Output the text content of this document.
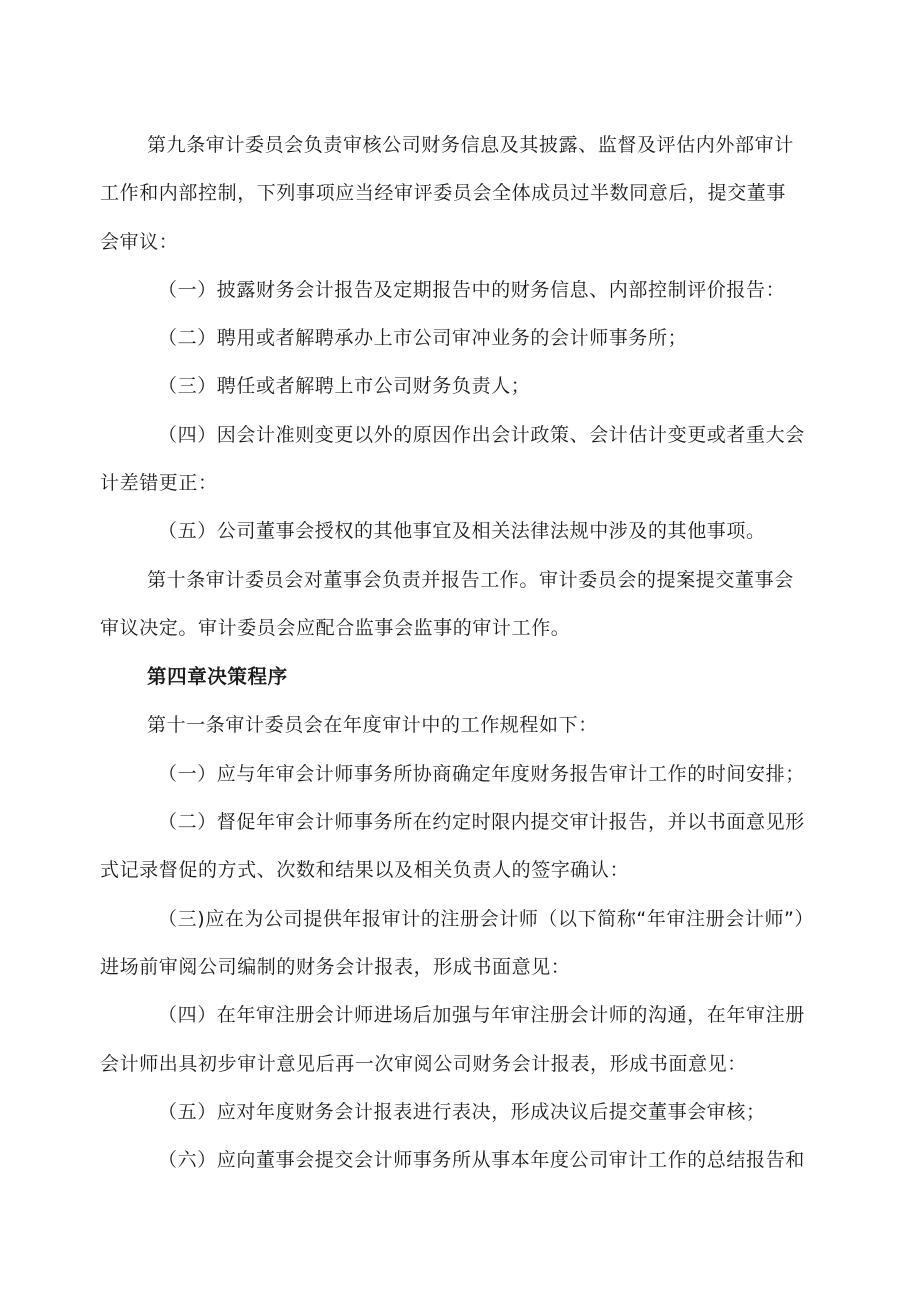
第九条审计委员会负责审核公司财务信息及其披露、监督及评估内外部审计
工作和内部控制，下列事项应当经审评委员会全体成员过半数同意后，提交董事
会审议：
（一）披露财务会计报告及定期报告中的财务信息、内部控制评价报告：
（二）聘用或者解聘承办上市公司审冲业务的会计师事务所；
（三）聘任或者解聘上市公司财务负责人；
（四）因会计准则变更以外的原因作出会计政策、会计估计变更或者重大会
计差错更正：
（五）公司董事会授权的其他事宜及相关法律法规中涉及的其他事项。
第十条审计委员会对董事会负责并报告工作。审计委员会的提案提交董事会
审议决定。审计委员会应配合监事会监事的审计工作。
第四章决策程序
第十一条审计委员会在年度审计中的工作规程如下：
（一）应与年审会计师事务所协商确定年度财务报告审计工作的时间安排；
（二）督促年审会计师事务所在约定时限内提交审计报告，并以书面意见形
式记录督促的方式、次数和结果以及相关负责人的签字确认：
（三)应在为公司提供年报审计的注册会计师（以下简称“年审注册会计师”）
进场前审阅公司编制的财务会计报表，形成书面意见：
（四）在年审注册会计师进场后加强与年审注册会计师的沟通，在年审注册
会计师出具初步审计意见后再一次审阅公司财务会计报表，形成书面意见：
（五）应对年度财务会计报表进行表决，形成决议后提交董事会审核；
（六）应向董事会提交会计师事务所从事本年度公司审计工作的总结报告和
